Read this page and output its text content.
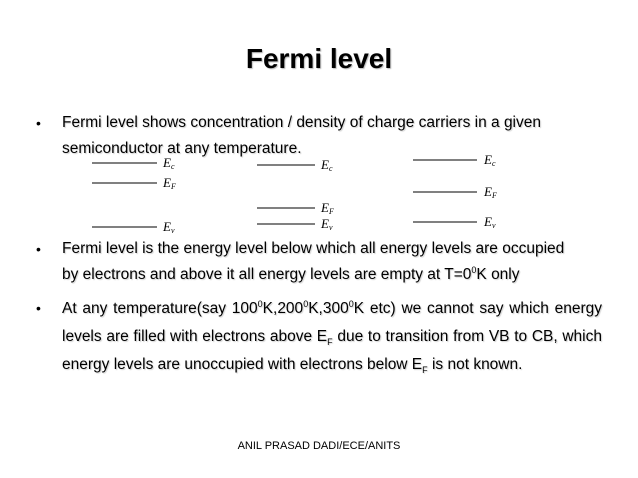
Fermi level
• Fermi level shows concentration / density of charge carriers in a given
semiconductor at any temperature.
Ec
EF
Ev
Ec
EF
Ev
Ec
EF
Ev
• Fermi level is the energy level below which all energy levels are occupied
by electrons and above it all energy levels are empty at $T=0^0K$ only
• At any temperature(say $100^0K,200^0K,300^0K$ etc) we cannot say which energy levels are filled with electrons above $E_F$ due to transition from VB to CB, which energy levels are unoccupied with electrons below $E_F$ is not known.
ANIL PRASAD DADI/ECE/ANITS
